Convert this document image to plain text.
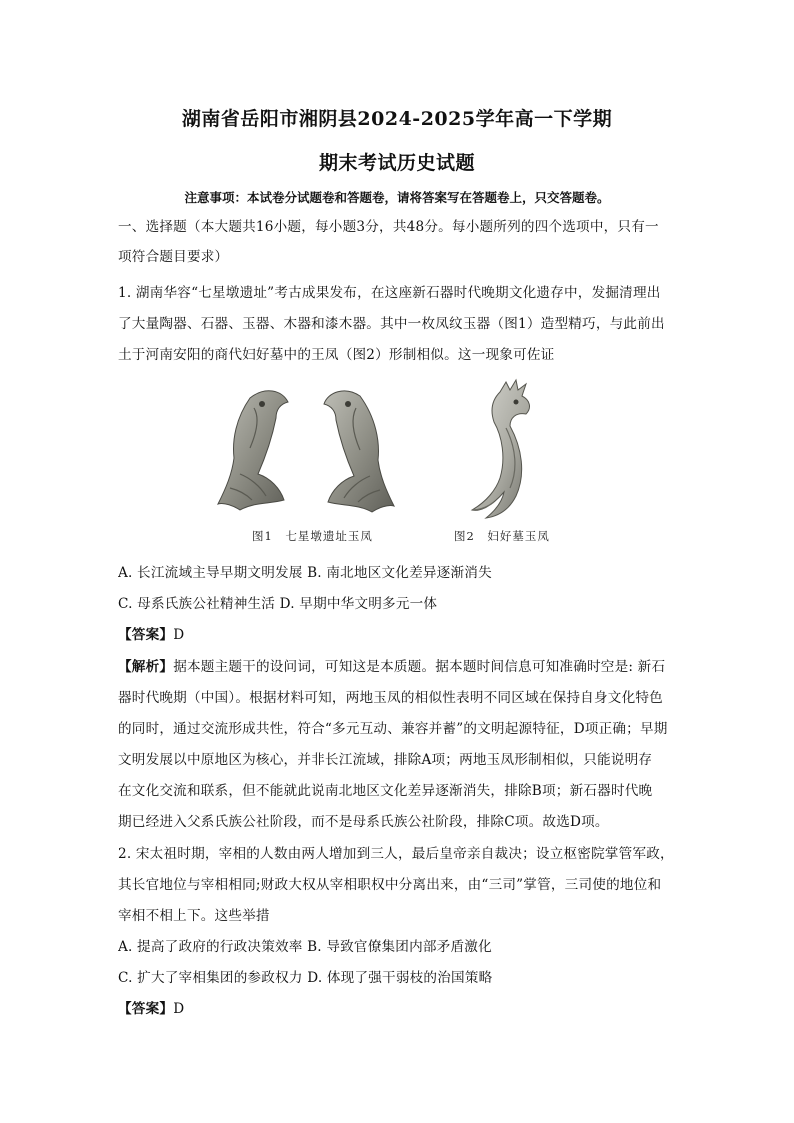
湖南省岳阳市湘阴县2024-2025学年高一下学期
期末考试历史试题
注意事项：本试卷分试题卷和答题卷，请将答案写在答题卷上，只交答题卷。
一、选择题（本大题共16小题，每小题3分，共48分。每小题所列的四个选项中，只有一
项符合题目要求）
1. 湖南华容“七星墩遗址”考古成果发布，在这座新石器时代晚期文化遗存中，发掘清理出
了大量陶器、石器、玉器、木器和漆木器。其中一枚凤纹玉器（图1）造型精巧，与此前出
土于河南安阳的商代妇好墓中的王凤（图2）形制相似。这一现象可佐证
图1　七星墩遗址玉凤	图2　妇好墓玉凤
A. 长江流域主导早期文明发展 B. 南北地区文化差异逐渐消失
C. 母系氏族公社精神生活 D. 早期中华文明多元一体
【答案】D
【解析】据本题主题干的设问词，可知这是本质题。据本题时间信息可知准确时空是: 新石
器时代晚期（中国）。根据材料可知，两地玉凤的相似性表明不同区域在保持自身文化特色
的同时，通过交流形成共性，符合“多元互动、兼容并蓄”的文明起源特征，D项正确；早期
文明发展以中原地区为核心，并非长江流域，排除A项；两地玉凤形制相似，只能说明存
在文化交流和联系，但不能就此说南北地区文化差异逐渐消失，排除B项；新石器时代晚
期已经进入父系氏族公社阶段，而不是母系氏族公社阶段，排除C项。故选D项。
2. 宋太祖时期，宰相的人数由两人增加到三人，最后皇帝亲自裁决；设立枢密院掌管军政，
其长官地位与宰相相同;财政大权从宰相职权中分离出来，由“三司”掌管，三司使的地位和
宰相不相上下。这些举措
A. 提高了政府的行政决策效率 B. 导致官僚集团内部矛盾激化
C. 扩大了宰相集团的参政权力 D. 体现了强干弱枝的治国策略
【答案】D
